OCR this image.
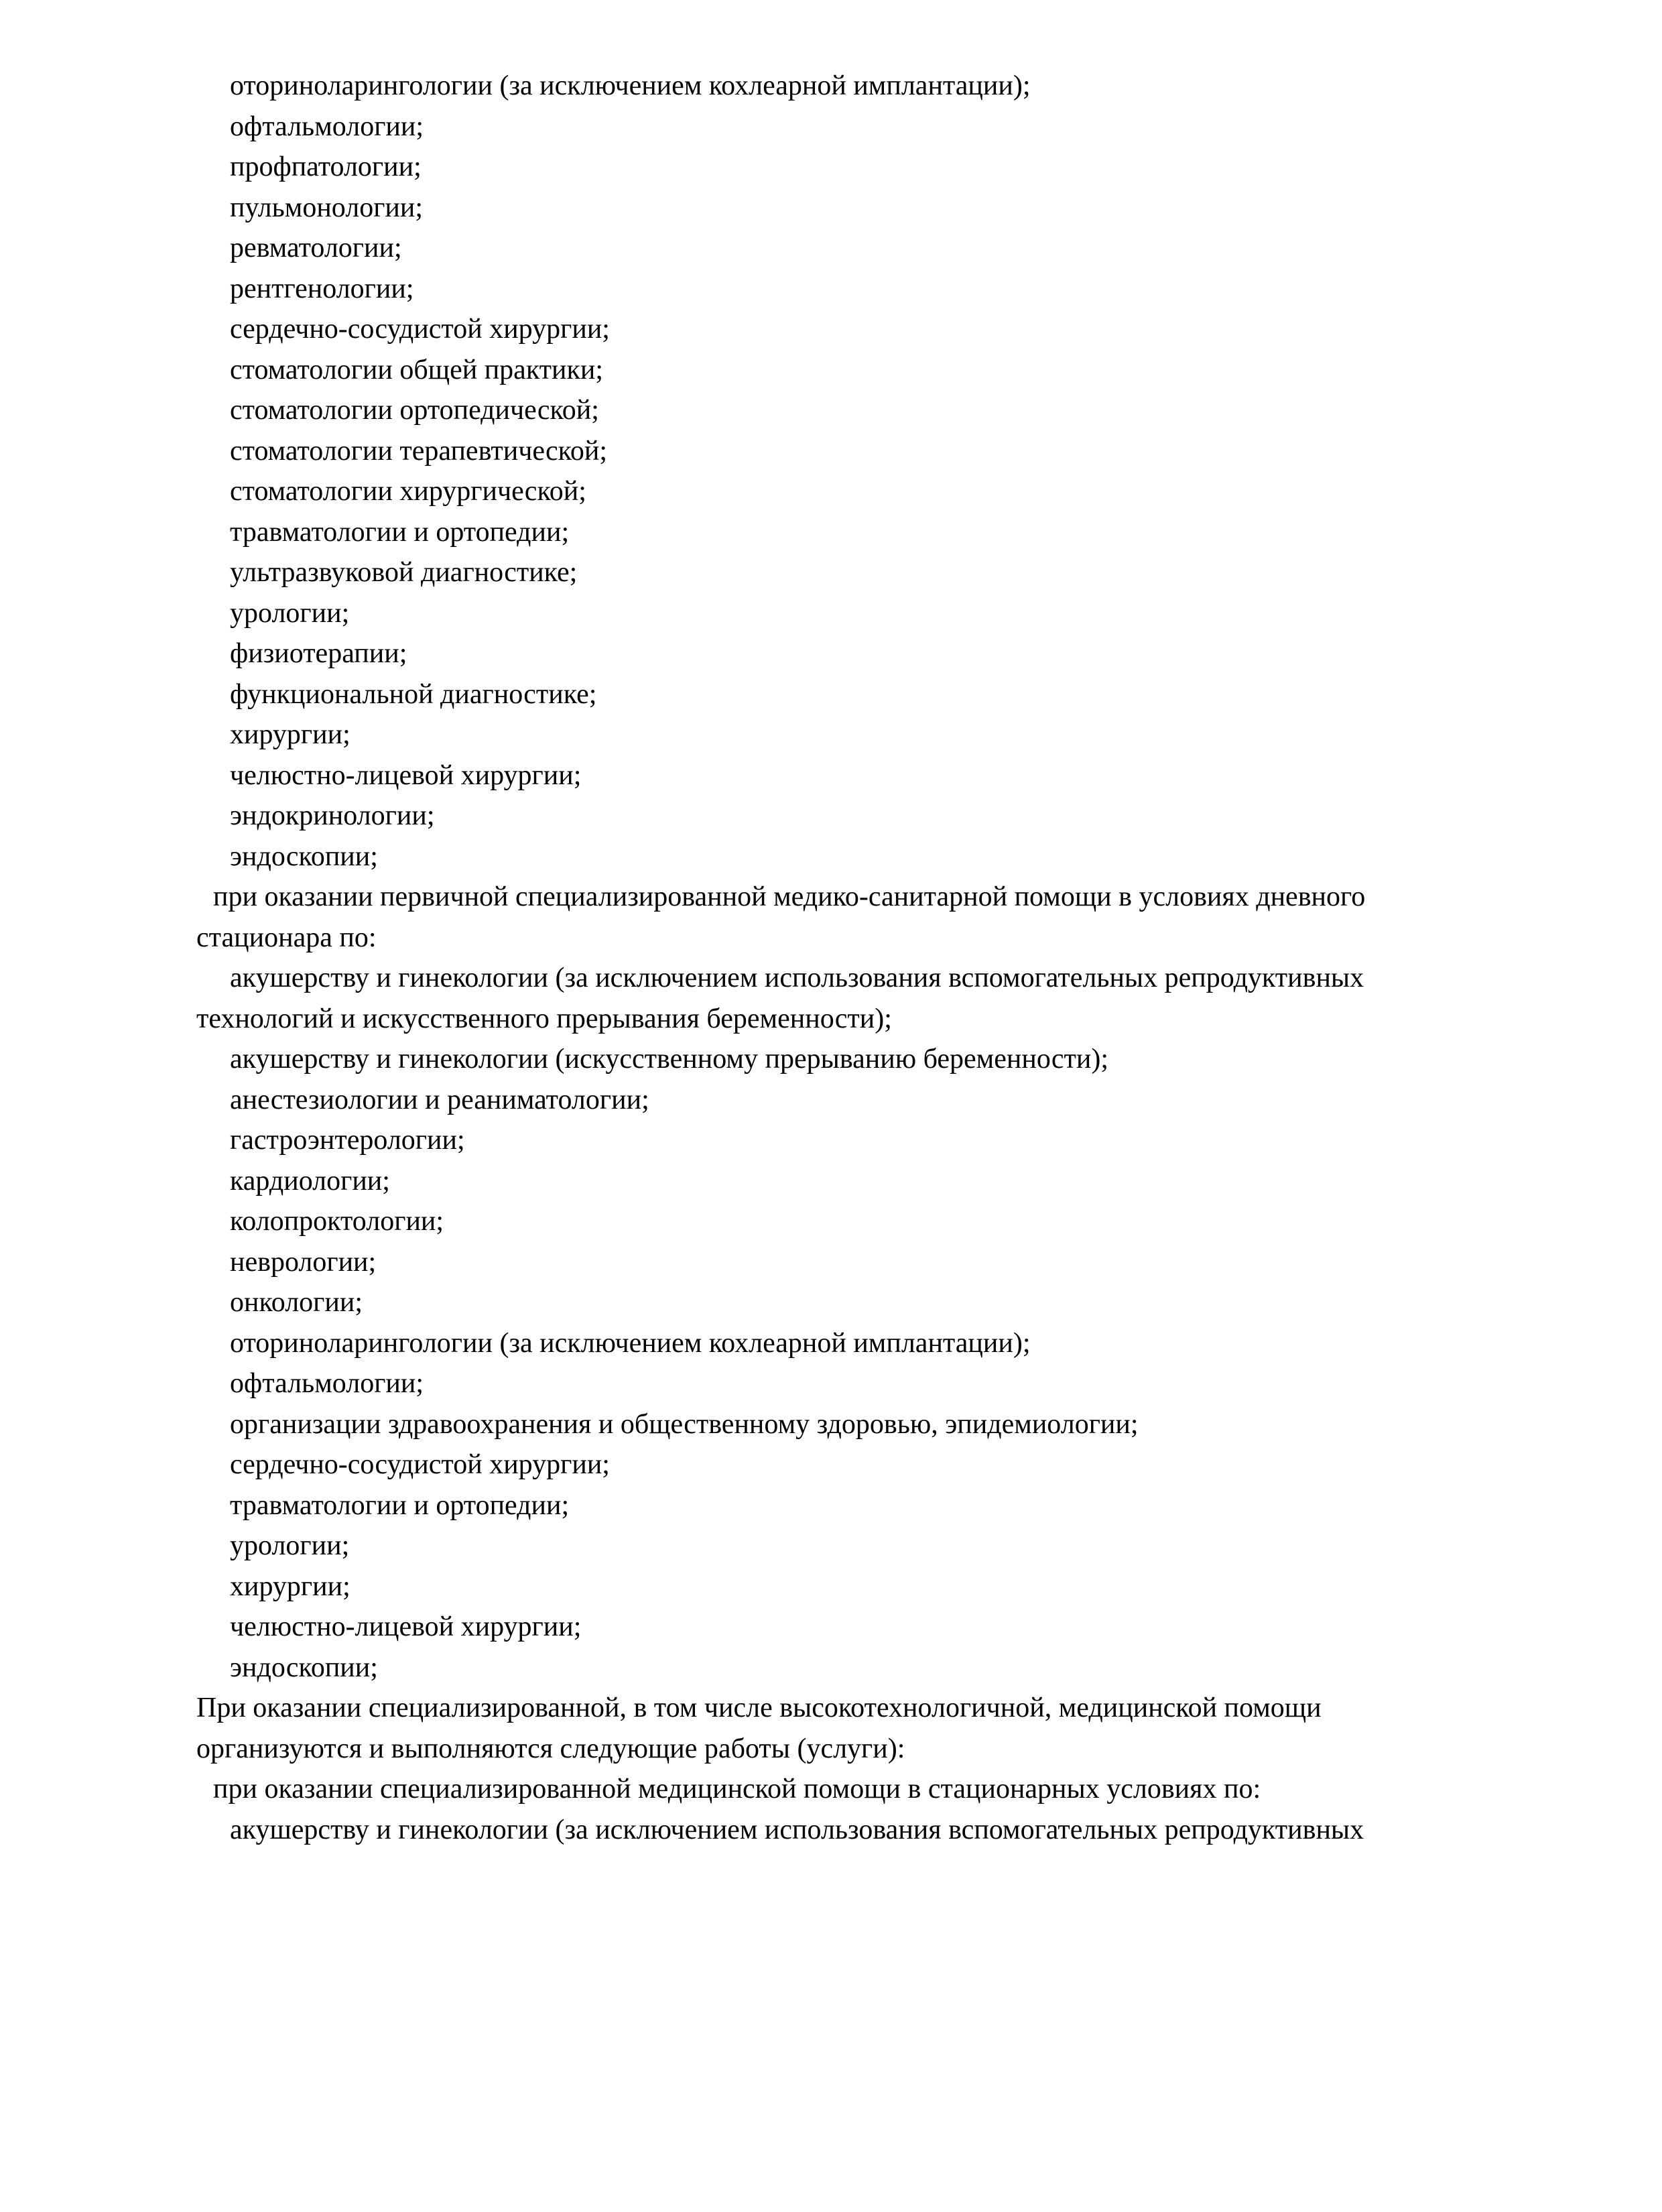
оториноларингологии (за исключением кохлеарной имплантации);
офтальмологии;
профпатологии;
пульмонологии;
ревматологии;
рентгенологии;
сердечно-сосудистой хирургии;
стоматологии общей практики;
стоматологии ортопедической;
стоматологии терапевтической;
стоматологии хирургической;
травматологии и ортопедии;
ультразвуковой диагностике;
урологии;
физиотерапии;
функциональной диагностике;
хирургии;
челюстно-лицевой хирургии;
эндокринологии;
эндоскопии;
при оказании первичной специализированной медико-санитарной помощи в условиях дневного
стационара по:
акушерству и гинекологии (за исключением использования вспомогательных репродуктивных
технологий и искусственного прерывания беременности);
акушерству и гинекологии (искусственному прерыванию беременности);
анестезиологии и реаниматологии;
гастроэнтерологии;
кардиологии;
колопроктологии;
неврологии;
онкологии;
оториноларингологии (за исключением кохлеарной имплантации);
офтальмологии;
организации здравоохранения и общественному здоровью, эпидемиологии;
сердечно-сосудистой хирургии;
травматологии и ортопедии;
урологии;
хирургии;
челюстно-лицевой хирургии;
эндоскопии;
При оказании специализированной, в том числе высокотехнологичной, медицинской помощи
организуются и выполняются следующие работы (услуги):
при оказании специализированной медицинской помощи в стационарных условиях по:
акушерству и гинекологии (за исключением использования вспомогательных репродуктивных
